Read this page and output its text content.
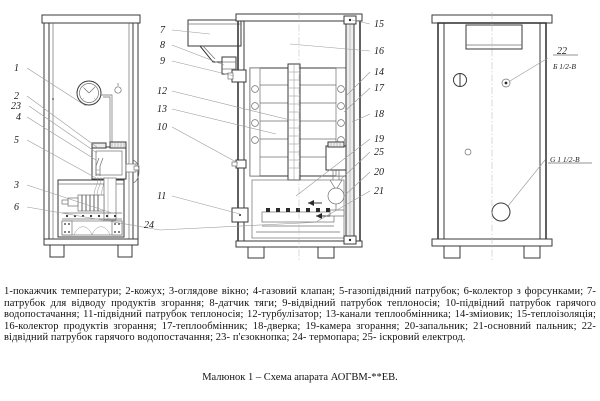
1
2
23
4
5
3
6
7
8
9
12
13
10
11
24
15
16
14
17
18
19
25
20
21
22
Б 1/2-В
G 1 1/2-В

1-покажчик температури; 2-кожух; 3-оглядове вікно; 4-газовий клапан; 5-газопідвідний патрубок; 6-колектор з форсунками; 7-патрубок для відводу продуктів згорання; 8-датчик тяги; 9-відвідний патрубок теплоносія; 10-підвідний патрубок гарячого водопостачання; 11-підвідний патрубок теплоносія; 12-турбулізатор; 13-канали теплообмінника; 14-зміиовик; 15-теплоізоляція; 16-колектор продуктів згорання; 17-теплообмінник; 18-дверка; 19-камера згорання; 20-запальник; 21-основний пальник; 22- відвідний патрубок гарячого водопостачання; 23- п'єзокнопка; 24- термопара; 25- іскровий електрод.

Малюнок 1 – Схема апарата АОГВМ-**ЕВ.
